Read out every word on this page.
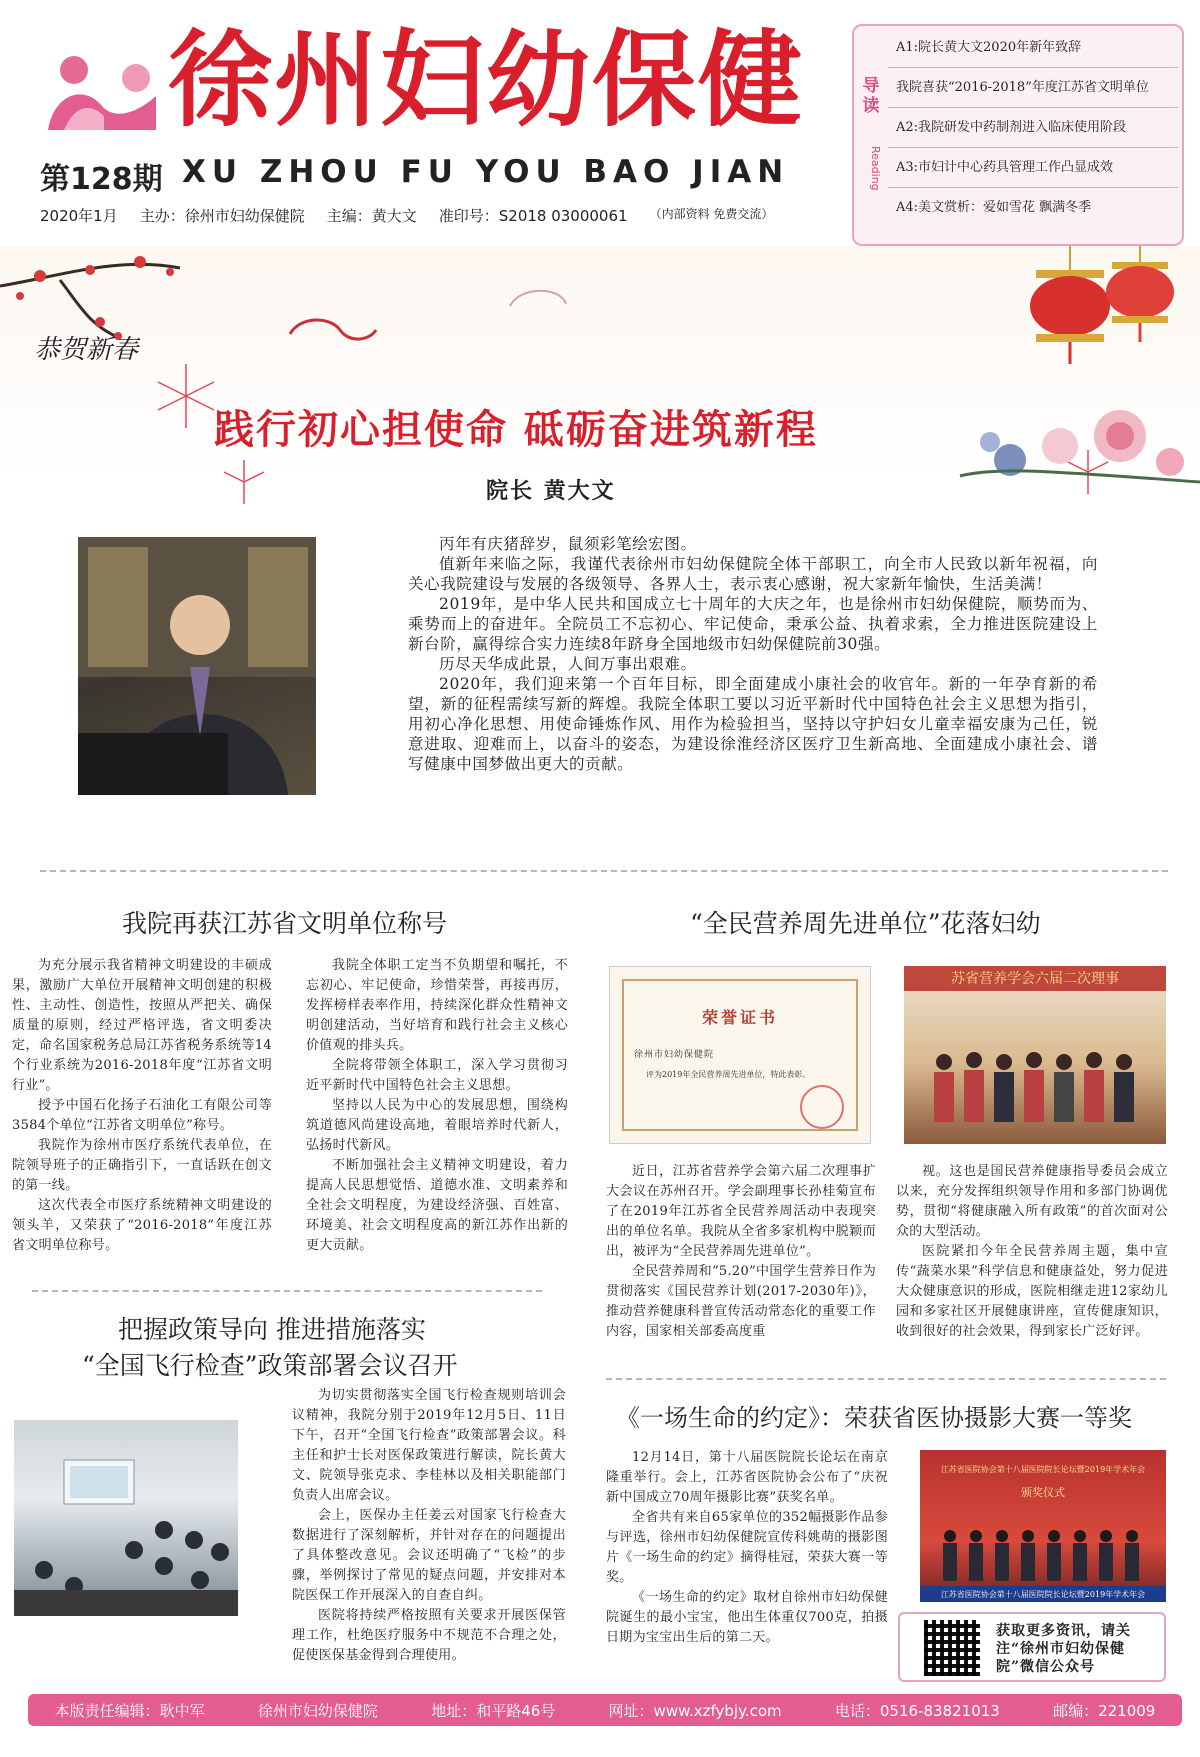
徐州妇幼保健
第128期 XU ZHOU FU YOU BAO JIAN
2020年1月 主办：徐州市妇幼保健院 主编：黄大文 准印号：S2018 03000061 （内部资料 免费交流）
导读
Reading
A1:院长黄大文2020年新年致辞
我院喜获“2016-2018”年度江苏省文明单位
A2:我院研发中药制剂进入临床使用阶段
A3:市妇计中心药具管理工作凸显成效
A4:美文赏析：爱如雪花 飘满冬季
恭贺新春
践行初心担使命 砥砺奋进筑新程
院长 黄大文

丙年有庆猪辞岁，鼠须彩笔绘宏图。

值新年来临之际，我谨代表徐州市妇幼保健院全体干部职工，向全市人民致以新年祝福，向关心我院建设与发展的各级领导、各界人士，表示衷心感谢，祝大家新年愉快，生活美满！

2019年，是中华人民共和国成立七十周年的大庆之年，也是徐州市妇幼保健院，顺势而为、乘势而上的奋进年。全院员工不忘初心、牢记使命，秉承公益、执着求索，全力推进医院建设上新台阶，赢得综合实力连续8年跻身全国地级市妇幼保健院前30强。

历尽天华成此景，人间万事出艰难。

2020年，我们迎来第一个百年目标，即全面建成小康社会的收官年。新的一年孕育新的希望，新的征程需续写新的辉煌。我院全体职工要以习近平新时代中国特色社会主义思想为指引，用初心净化思想、用使命锤炼作风、用作为检验担当，坚持以守护妇女儿童幸福安康为己任，锐意进取、迎难而上，以奋斗的姿态，为建设徐淮经济区医疗卫生新高地、全面建成小康社会、谱写健康中国梦做出更大的贡献。

我院再获江苏省文明单位称号

为充分展示我省精神文明建设的丰硕成果，激励广大单位开展精神文明创建的积极性、主动性、创造性，按照从严把关、确保质量的原则，经过严格评选，省文明委决定，命名国家税务总局江苏省税务系统等14个行业系统为2016-2018年度“江苏省文明行业”。

授予中国石化扬子石油化工有限公司等3584个单位“江苏省文明单位”称号。

我院作为徐州市医疗系统代表单位，在院领导班子的正确指引下，一直话跃在创文的第一线。

这次代表全市医疗系统精神文明建设的领头羊，又荣获了“2016-2018”年度江苏省文明单位称号。

我院全体职工定当不负期望和嘱托，不忘初心、牢记使命，珍惜荣誉，再接再厉，发挥榜样表率作用，持续深化群众性精神文明创建活动，当好培育和践行社会主义核心价值观的排头兵。

全院将带领全体职工，深入学习贯彻习近平新时代中国特色社会主义思想。

坚持以人民为中心的发展思想，围绕构筑道德风尚建设高地，着眼培养时代新人，弘扬时代新风。

不断加强社会主义精神文明建设，着力提高人民思想觉悟、道德水准、文明素养和全社会文明程度，为建设经济强、百姓富、环境美、社会文明程度高的新江苏作出新的更大贡献。

把握政策导向 推进措施落实
“全国飞行检查”政策部署会议召开

为切实贯彻落实全国飞行检查规则培训会议精神，我院分别于2019年12月5日、11日下午，召开“全国飞行检查”政策部署会议。科主任和护士长对医保政策进行解读，院长黄大文、院领导张克求、李桂林以及相关职能部门负责人出席会议。

会上，医保办主任姜云对国家飞行检查大数据进行了深刻解析，并针对存在的问题提出了具体整改意见。会议还明确了“飞检”的步骤，举例探讨了常见的疑点问题，并安排对本院医保工作开展深入的自查自纠。

医院将持续严格按照有关要求开展医保管理工作，杜绝医疗服务中不规范不合理之处，促使医保基金得到合理使用。

“全民营养周先进单位”花落妇幼
荣誉证书
徐州市妇幼保健院
评为2019年全民营养周先进单位，特此表彰。
苏省营养学会六届二次理事

近日，江苏省营养学会第六届二次理事扩大会议在苏州召开。学会副理事长孙桂菊宣布了在2019年江苏省全民营养周活动中表现突出的单位名单。我院从全省多家机构中脱颖而出，被评为“全民营养周先进单位”。

全民营养周和“5.20”中国学生营养日作为贯彻落实《国民营养计划(2017-2030年)》，推动营养健康科普宣传活动常态化的重要工作内容，国家相关部委高度重

视。这也是国民营养健康指导委员会成立以来，充分发挥组织领导作用和多部门协调优势，贯彻“将健康融入所有政策”的首次面对公众的大型活动。

医院紧扣今年全民营养周主题，集中宣传“蔬菜水果”科学信息和健康益处，努力促进大众健康意识的形成，医院相继走进12家幼儿园和多家社区开展健康讲座，宣传健康知识，收到很好的社会效果，得到家长广泛好评。

《一场生命的约定》：荣获省医协摄影大赛一等奖

12月14日，第十八届医院院长论坛在南京隆重举行。会上，江苏省医院协会公布了“庆祝新中国成立70周年摄影比赛”获奖名单。

全省共有来自65家单位的352幅摄影作品参与评选，徐州市妇幼保健院宣传科姚萌的摄影图片《一场生命的约定》摘得桂冠，荣获大赛一等奖。

《一场生命的约定》取材自徐州市妇幼保健院诞生的最小宝宝，他出生体重仅700克，拍摄日期为宝宝出生后的第二天。

江苏省医院协会第十八届医院院长论坛暨2019年学术年会
颁奖仪式
江苏省医院协会第十八届医院院长论坛暨2019年学术年会
获取更多资讯，请关注“徐州市妇幼保健院”微信公众号
本版责任编辑：耿中军	徐州市妇幼保健院	地址：和平路46号	网址：www.xzfybjy.com	电话：0516-83821013	邮编：221009
